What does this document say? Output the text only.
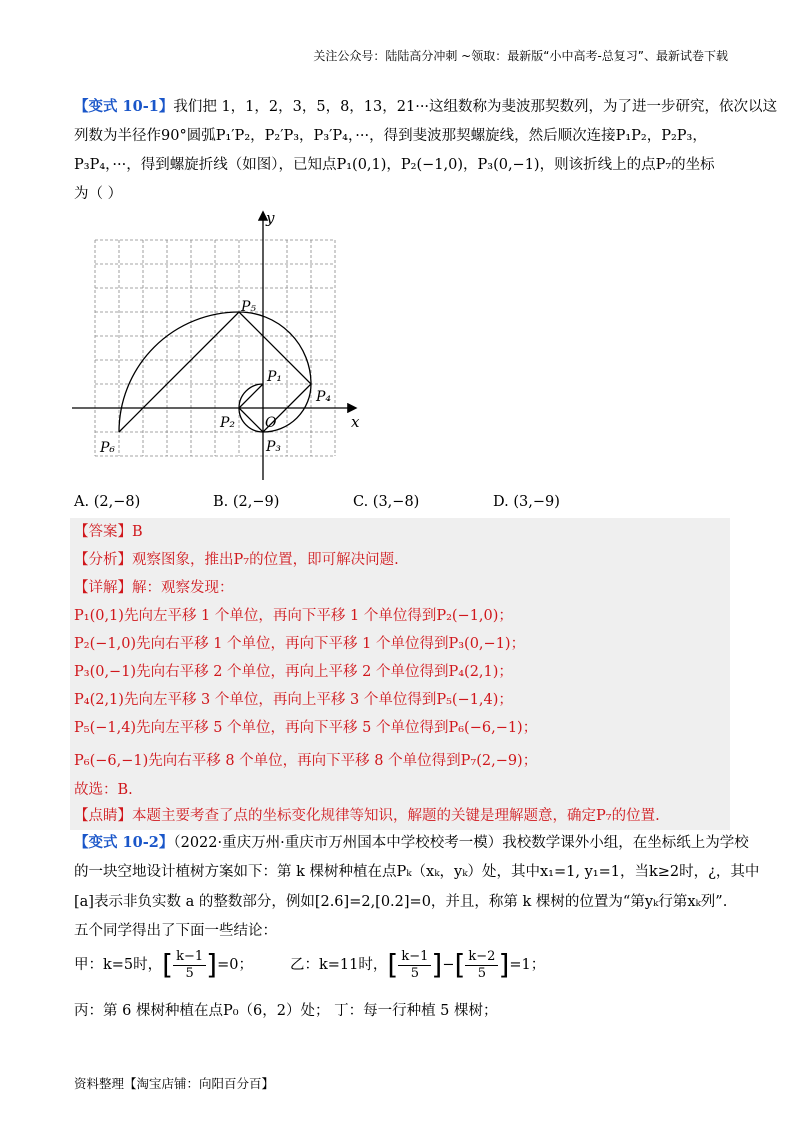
关注公众号：陆陆高分冲刺 ~领取：最新版“小中高考-总复习”、最新试卷下载
【变式 10-1】我们把 1，1，2，3，5，8，13，21···这组数称为斐波那契数列，为了进一步研究，依次以这
列数为半径作90°圆弧P₁′P₂，P₂′P₃，P₃′P₄，···，得到斐波那契螺旋线，然后顺次连接P₁P₂，P₂P₃，
P₃P₄，···，得到螺旋折线（如图），已知点P₁(0,1)，P₂(−1,0)，P₃(0,−1)，则该折线上的点P₇的坐标
为（ ）
y
x
O
P₁
P₂
P₃
P₄
P₅
P₆
A. (2,−8)	B. (2,−9)	C. (3,−8)	D. (3,−9)
【答案】B
【分析】观察图象，推出P₇的位置，即可解决问题.
【详解】解：观察发现：
P₁(0,1)先向左平移 1 个单位，再向下平移 1 个单位得到P₂(−1,0)；
P₂(−1,0)先向右平移 1 个单位，再向下平移 1 个单位得到P₃(0,−1)；
P₃(0,−1)先向右平移 2 个单位，再向上平移 2 个单位得到P₄(2,1)；
P₄(2,1)先向左平移 3 个单位，再向上平移 3 个单位得到P₅(−1,4)；
P₅(−1,4)先向左平移 5 个单位，再向下平移 5 个单位得到P₆(−6,−1)；
P₆(−6,−1)先向右平移 8 个单位，再向下平移 8 个单位得到P₇(2,−9)；
故选：B.
【点睛】本题主要考查了点的坐标变化规律等知识，解题的关键是理解题意，确定P₇的位置.
【变式 10-2】（2022·重庆万州·重庆市万州国本中学校校考一模）我校数学课外小组，在坐标纸上为学校
的一块空地设计植树方案如下：第 k 棵树种植在点Pₖ（xₖ，yₖ）处，其中x₁=1, y₁=1，当k≥2时，¿，其中
[a]表示非负实数 a 的整数部分，例如[2.6]=2,[0.2]=0，并且，称第 k 棵树的位置为“第yₖ行第xₖ列”.
五个同学得出了下面一些结论：
甲：k=5时，[ $\frac{k-1}{5} ]=0$；	乙：k=11时，[ $\frac{k-1}{5}$ ]−[ $\frac{k-2}{5} ]=1$；
丙：第 6 棵树种植在点P₀（6，2）处； 丁：每一行种植 5 棵树；
资料整理【淘宝店铺：向阳百分百】
